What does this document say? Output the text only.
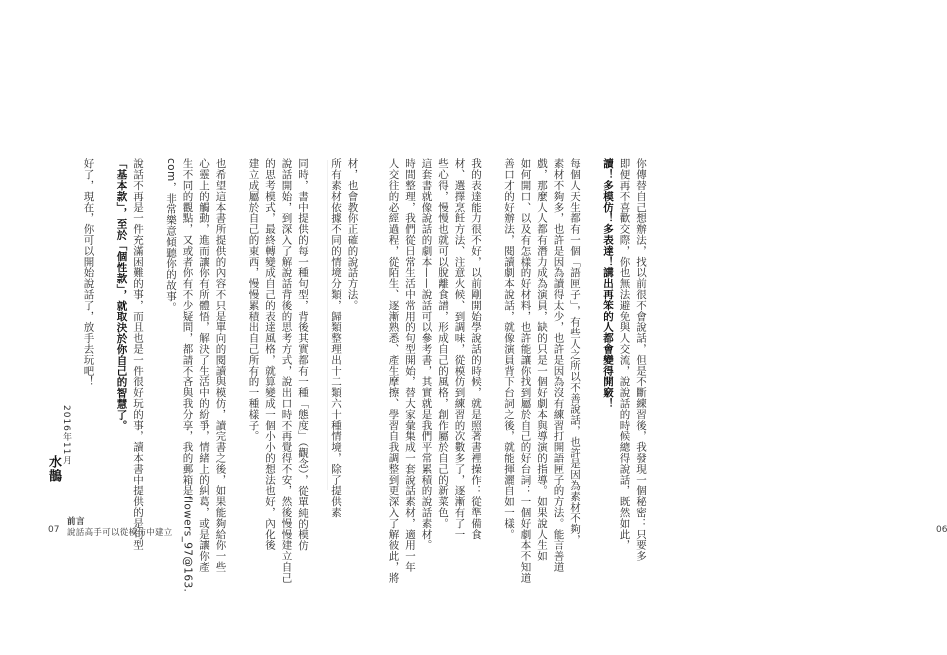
你傳替自己想辦法，找以前很不會說話，但是不斷練習後，我發現一個秘密：只要多
即便再不喜歡交際，你也無法避免與人交流，說說話的時候總得說話，既然如此，
讀！多模仿！多表達！講出再笨的人都會變得開竅！
每個人天生都有一個「語匣子」，有些人之所以不善說話，也許是因為素材不夠，
素材不夠多，也許是因為讀得太少，也許是因為沒有練習打開語匣子的方法。能言善道
戲，那麼人人都有潛力成為演員，缺的只是一個好劇本與導演的指導。如果說人生如
如何開口、以及有怎樣的好材料，也許能讓你找到屬於自己的好台詞：一個好劇本不知道
善口才的好辦法，閱讀劇本說話，就像演員背下台詞之後，就能揮灑自如一樣。
我的表達能力很不好，以前剛開始學說話的時候，就是照著書裡操作：從準備食
材、選擇烹飪方法、注意火候、到調味，從模仿到練習的次數多了，逐漸有了一
些心得，慢慢也就可以脫離食譜，形成自己的風格，創作屬於自己的新菜色。
這套書就像說話的劇本——說話可以參考書，其實就是我們平常累積的說話素材。
時間整理，我們從日常生活中常用的句型開始，替大家彙集成一套說話素材，適用一年
人交往的必經過程，從陌生、逐漸熟悉、產生摩擦、學習自我調整到更深入了解彼此，將	06
材，也會教你正確的說話方法。
所有素材依據不同的情境分類，歸類整理出十二類六十種情境，除了提供素
同時，書中提供的每一種句型，背後其實都有一種「態度」（觀念），從單純的模仿
說話開始，到深入了解說話背後的思考方式，說出口時不再覺得不安，然後慢慢建立自己
的思考模式，最終轉變成自己的表達風格，就算變成一個小小的想法也好，內化後
建立成屬於自己的東西，慢慢累積出自己所有的一種樣子。
也希望這本書所提供的內容不只是單向的閱讀與模仿，讀完書之後，如果能夠給你一些
心靈上的觸動，進而讓你有所體悟，解決了生活中的紛爭，情緒上的糾葛，或是讓你產
生不同的觀點，又或者你有不少疑問，都請不吝與我分享，我的郵箱是flowers_97@163.
com，非常樂意傾聽你的故事。
說話不再是一件充滿困難的事，而且也是一件很好玩的事，讀本書中提供的是句型
「基本款」，至於「個性款」，就取決於你自己的智慧了。
好了，現在，你可以開始說話了，放手去玩吧！
2016年11月
水鵲
07
前言
說話高手可以從模仿中建立
